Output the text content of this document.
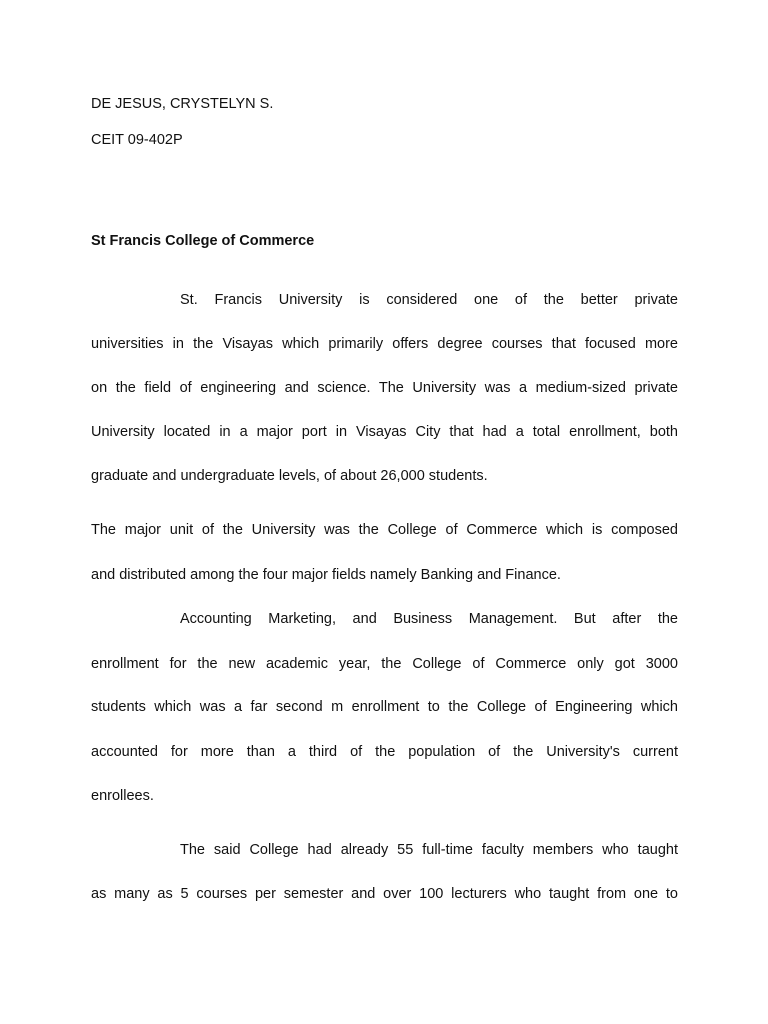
DE JESUS, CRYSTELYN S.
CEIT 09-402P
St Francis College of Commerce
St. Francis University is considered one of the better private
universities in the Visayas which primarily offers degree courses that focused more
on the field of engineering and science. The University was a medium-sized private
University located in a major port in Visayas City that had a total enrollment, both
graduate and undergraduate levels, of about 26,000 students.
The major unit of the University was the College of Commerce which is composed
and distributed among the four major fields namely Banking and Finance.
Accounting Marketing, and Business Management. But after the
enrollment for the new academic year, the College of Commerce only got 3000
students which was a far second m enrollment to the College of Engineering which
accounted for more than a third of the population of the University's current
enrollees.
The said College had already 55 full-time faculty members who taught
as many as 5 courses per semester and over 100 lecturers who taught from one to
